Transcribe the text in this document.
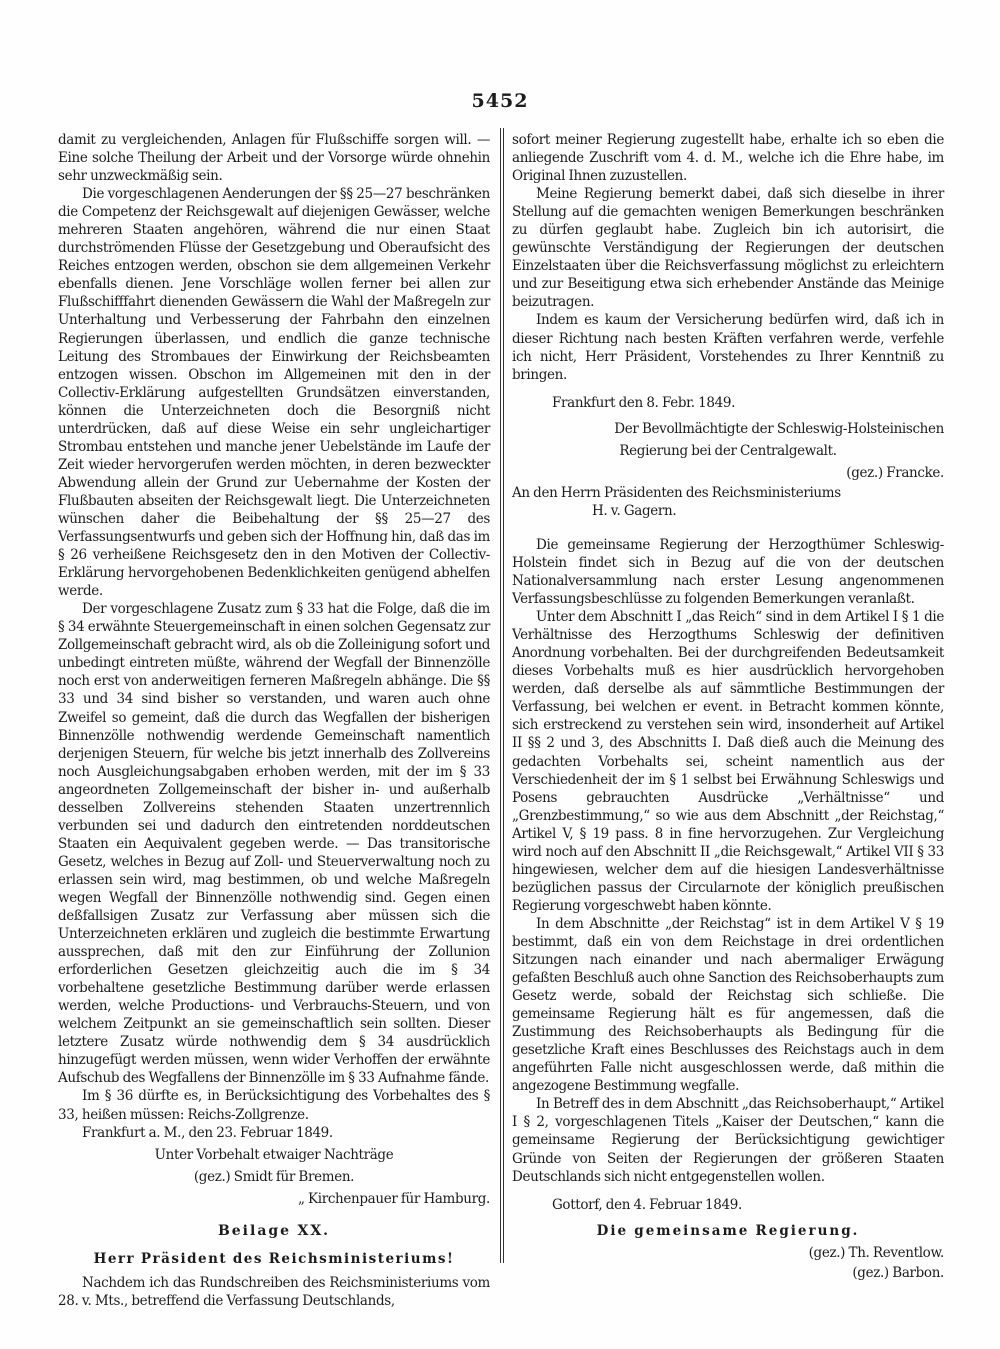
5452

damit zu vergleichenden, Anlagen für Flußschiffe sorgen will. — Eine solche Theilung der Arbeit und der Vorsorge würde ohnehin sehr unzweckmäßig sein.

Die vorgeschlagenen Aenderungen der §§ 25—27 beschränken die Competenz der Reichsgewalt auf diejenigen Gewässer, welche mehreren Staaten angehören, während die nur einen Staat durchströmenden Flüsse der Gesetzgebung und Oberaufsicht des Reiches entzogen werden, obschon sie dem allgemeinen Verkehr ebenfalls dienen. Jene Vorschläge wollen ferner bei allen zur Flußschifffahrt dienenden Gewässern die Wahl der Maßregeln zur Unterhaltung und Verbesserung der Fahrbahn den einzelnen Regierungen überlassen, und endlich die ganze technische Leitung des Strombaues der Einwirkung der Reichsbeamten entzogen wissen. Obschon im Allgemeinen mit den in der Collectiv-Erklärung aufgestellten Grundsätzen einverstanden, können die Unterzeichneten doch die Besorgniß nicht unterdrücken, daß auf diese Weise ein sehr ungleichartiger Strombau entstehen und manche jener Uebelstände im Laufe der Zeit wieder hervorgerufen werden möchten, in deren bezweckter Abwendung allein der Grund zur Uebernahme der Kosten der Flußbauten abseiten der Reichsgewalt liegt. Die Unterzeichneten wünschen daher die Beibehaltung der §§ 25—27 des Verfassungsentwurfs und geben sich der Hoffnung hin, daß das im § 26 verheißene Reichsgesetz den in den Motiven der Collectiv-Erklärung hervorgehobenen Bedenklichkeiten genügend abhelfen werde.

Der vorgeschlagene Zusatz zum § 33 hat die Folge, daß die im § 34 erwähnte Steuergemeinschaft in einen solchen Gegensatz zur Zollgemeinschaft gebracht wird, als ob die Zolleinigung sofort und unbedingt eintreten müßte, während der Wegfall der Binnenzölle noch erst von anderweitigen ferneren Maßregeln abhänge. Die §§ 33 und 34 sind bisher so verstanden, und waren auch ohne Zweifel so gemeint, daß die durch das Wegfallen der bisherigen Binnenzölle nothwendig werdende Gemeinschaft namentlich derjenigen Steuern, für welche bis jetzt innerhalb des Zollvereins noch Ausgleichungsabgaben erhoben werden, mit der im § 33 angeordneten Zollgemeinschaft der bisher in- und außerhalb desselben Zollvereins stehenden Staaten unzertrennlich verbunden sei und dadurch den eintretenden norddeutschen Staaten ein Aequivalent gegeben werde. — Das transitorische Gesetz, welches in Bezug auf Zoll- und Steuerverwaltung noch zu erlassen sein wird, mag bestimmen, ob und welche Maßregeln wegen Wegfall der Binnenzölle nothwendig sind. Gegen einen deßfallsigen Zusatz zur Verfassung aber müssen sich die Unterzeichneten erklären und zugleich die bestimmte Erwartung aussprechen, daß mit den zur Einführung der Zollunion erforderlichen Gesetzen gleichzeitig auch die im § 34 vorbehaltene gesetzliche Bestimmung darüber werde erlassen werden, welche Productions- und Verbrauchs-Steuern, und von welchem Zeitpunkt an sie gemeinschaftlich sein sollten. Dieser letztere Zusatz würde nothwendig dem § 34 ausdrücklich hinzugefügt werden müssen, wenn wider Verhoffen der erwähnte Aufschub des Wegfallens der Binnenzölle im § 33 Aufnahme fände.

Im § 36 dürfte es, in Berücksichtigung des Vorbehaltes des § 33, heißen müssen: Reichs-Zollgrenze.

Frankfurt a. M., den 23. Februar 1849.

Unter Vorbehalt etwaiger Nachträge

(gez.) Smidt für Bremen.

„ Kirchenpauer für Hamburg.

Beilage XX.

Herr Präsident des Reichsministeriums!

Nachdem ich das Rundschreiben des Reichsministeriums vom 28. v. Mts., betreffend die Verfassung Deutschlands,

sofort meiner Regierung zugestellt habe, erhalte ich so eben die anliegende Zuschrift vom 4. d. M., welche ich die Ehre habe, im Original Ihnen zuzustellen.

Meine Regierung bemerkt dabei, daß sich dieselbe in ihrer Stellung auf die gemachten wenigen Bemerkungen beschränken zu dürfen geglaubt habe. Zugleich bin ich autorisirt, die gewünschte Verständigung der Regierungen der deutschen Einzelstaaten über die Reichsverfassung möglichst zu erleichtern und zur Beseitigung etwa sich erhebender Anstände das Meinige beizutragen.

Indem es kaum der Versicherung bedürfen wird, daß ich in dieser Richtung nach besten Kräften verfahren werde, verfehle ich nicht, Herr Präsident, Vorstehendes zu Ihrer Kenntniß zu bringen.

Frankfurt den 8. Febr. 1849.

Der Bevollmächtigte der Schleswig-Holsteinischen

Regierung bei der Centralgewalt.

(gez.) Francke.

An den Herrn Präsidenten des Reichsministeriums

H. v. Gagern.

Die gemeinsame Regierung der Herzogthümer Schleswig-Holstein findet sich in Bezug auf die von der deutschen Nationalversammlung nach erster Lesung angenommenen Verfassungsbeschlüsse zu folgenden Bemerkungen veranlaßt.

Unter dem Abschnitt I „das Reich“ sind in dem Artikel I § 1 die Verhältnisse des Herzogthums Schleswig der definitiven Anordnung vorbehalten. Bei der durchgreifenden Bedeutsamkeit dieses Vorbehalts muß es hier ausdrücklich hervorgehoben werden, daß derselbe als auf sämmtliche Bestimmungen der Verfassung, bei welchen er event. in Betracht kommen könnte, sich erstreckend zu verstehen sein wird, insonderheit auf Artikel II §§ 2 und 3, des Abschnitts I. Daß dieß auch die Meinung des gedachten Vorbehalts sei, scheint namentlich aus der Verschiedenheit der im § 1 selbst bei Erwähnung Schleswigs und Posens gebrauchten Ausdrücke „Verhältnisse“ und „Grenzbestimmung,“ so wie aus dem Abschnitt „der Reichstag,“ Artikel V, § 19 pass. 8 in fine hervorzugehen. Zur Vergleichung wird noch auf den Abschnitt II „die Reichsgewalt,“ Artikel VII § 33 hingewiesen, welcher dem auf die hiesigen Landesverhältnisse bezüglichen passus der Circularnote der königlich preußischen Regierung vorgeschwebt haben könnte.

In dem Abschnitte „der Reichstag“ ist in dem Artikel V § 19 bestimmt, daß ein von dem Reichstage in drei ordentlichen Sitzungen nach einander und nach abermaliger Erwägung gefaßten Beschluß auch ohne Sanction des Reichsoberhaupts zum Gesetz werde, sobald der Reichstag sich schließe. Die gemeinsame Regierung hält es für angemessen, daß die Zustimmung des Reichsoberhaupts als Bedingung für die gesetzliche Kraft eines Beschlusses des Reichstags auch in dem angeführten Falle nicht ausgeschlossen werde, daß mithin die angezogene Bestimmung wegfalle.

In Betreff des in dem Abschnitt „das Reichsoberhaupt,“ Artikel I § 2, vorgeschlagenen Titels „Kaiser der Deutschen,“ kann die gemeinsame Regierung der Berücksichtigung gewichtiger Gründe von Seiten der Regierungen der größeren Staaten Deutschlands sich nicht entgegenstellen wollen.

Gottorf, den 4. Februar 1849.

Die gemeinsame Regierung.

(gez.) Th. Reventlow.

(gez.) Barbon.
